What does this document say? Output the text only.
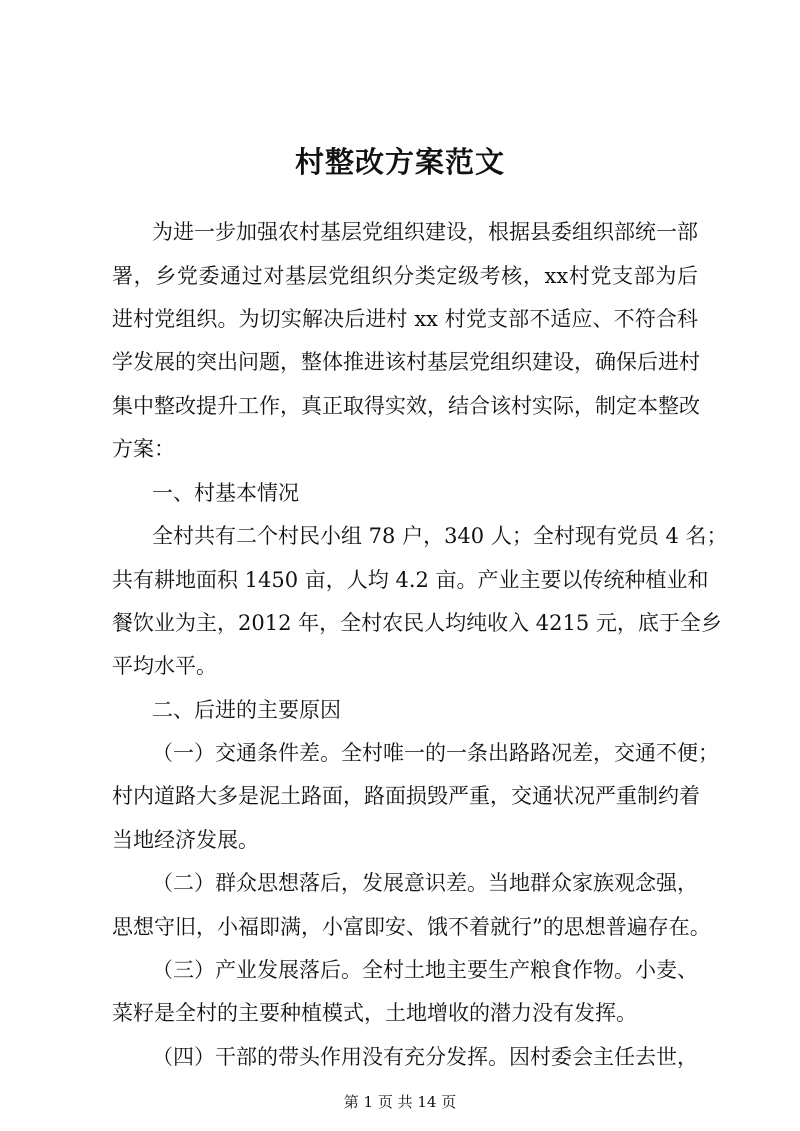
村整改方案范文
为进一步加强农村基层党组织建设，根据县委组织部统一部
署，乡党委通过对基层党组织分类定级考核，xx村党支部为后
进村党组织。为切实解决后进村 xx 村党支部不适应、不符合科
学发展的突出问题，整体推进该村基层党组织建设，确保后进村
集中整改提升工作，真正取得实效，结合该村实际，制定本整改
方案：
一、村基本情况
全村共有二个村民小组 78 户，340 人；全村现有党员 4 名；
共有耕地面积 1450 亩，人均 4.2 亩。产业主要以传统种植业和
餐饮业为主，2012 年，全村农民人均纯收入 4215 元，底于全乡
平均水平。
二、后进的主要原因
（一）交通条件差。全村唯一的一条出路路况差，交通不便；
村内道路大多是泥土路面，路面损毁严重，交通状况严重制约着
当地经济发展。
（二）群众思想落后，发展意识差。当地群众家族观念强，
思想守旧，小福即满，小富即安、饿不着就行”的思想普遍存在。
（三）产业发展落后。全村土地主要生产粮食作物。小麦、
菜籽是全村的主要种植模式，土地增收的潜力没有发挥。
第 1 页 共 14 页
（四）干部的带头作用没有充分发挥。因村委会主任去世，
